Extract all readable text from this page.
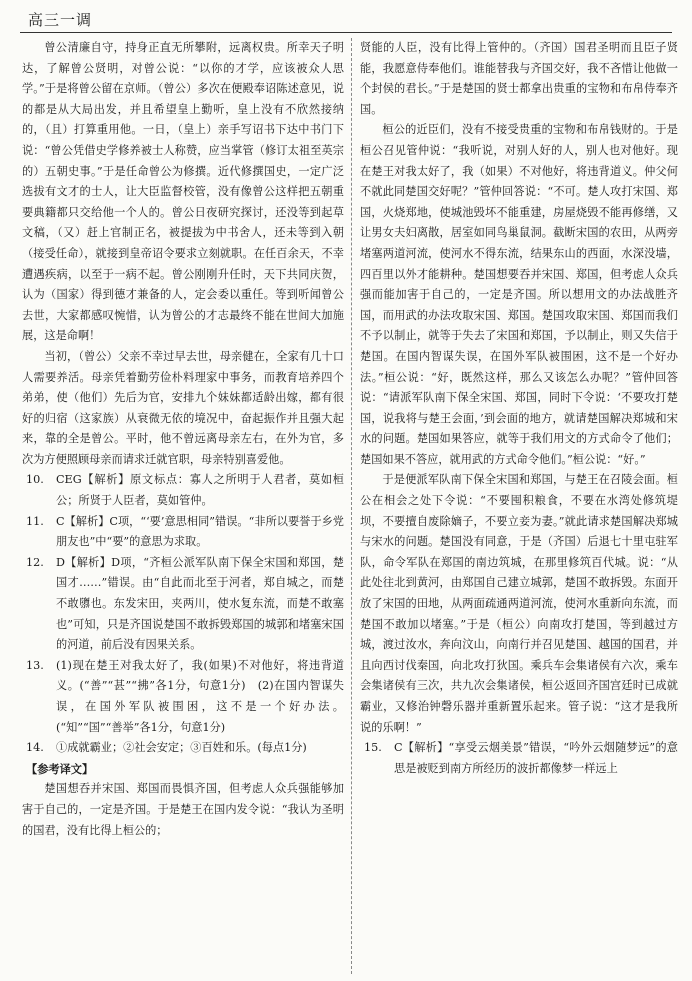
高三一调

曾公清廉自守，持身正直无所攀附，远离权贵。所幸天子明达，了解曾公贤明，对曾公说：“以你的才学，应该被众人思学。”于是将曾公留在京师。（曾公）多次在便殿奉诏陈述意见，说的都是从大局出发，并且希望皇上勤听，皇上没有不欣然接纳的，（且）打算重用他。一日，（皇上）亲手写诏书下达中书门下说：“曾公凭借史学修养被士人称赞，应当掌管（修订太祖至英宗的）五朝史事。”于是任命曾公为修撰。近代修撰国史，一定广泛选拔有文才的士人，让大臣监督校管，没有像曾公这样把五朝重要典籍都只交给他一个人的。曾公日夜研究探讨，还没等到起草文稿，（又）赶上官制正名，被提拔为中书舍人，还未等到入朝（接受任命），就接到皇帝诏令要求立刻就职。在任百余天，不幸遭遇疾病，以至于一病不起。曾公刚刚升任时，天下共同庆贺，认为（国家）得到德才兼备的人，定会委以重任。等到听闻曾公去世，大家都感叹惋惜，认为曾公的才志最终不能在世间大加施展，这是命啊！

当初，（曾公）父亲不幸过早去世，母亲健在，全家有几十口人需要养活。母亲凭着勤劳俭朴料理家中事务，而教育培养四个弟弟，使（他们）先后为官，安排九个妹妹都适龄出嫁，都有很好的归宿（这家族）从衰微无依的境况中，奋起振作并且强大起来，靠的全是曾公。平时，他不曾远离母亲左右，在外为官，多次为方便照顾母亲而请求迁就官职，母亲特别喜爱他。

10.	CEG【解析】原文标点：寡人之所明于人君者，莫如桓公；所贤于人臣者，莫如管仲。
11.	C【解析】C项，“‘要’意思相同”错误。“非所以要誉于乡党朋友也”中“要”的意思为求取。
12.	D【解析】D项，“齐桓公派军队南下保全宋国和郑国，楚国才……”错误。由“自此而北至于河者，郑自城之，而楚不敢隳也。东发宋田，夹两川，使水复东流，而楚不敢塞也”可知，只是齐国说楚国不敢拆毁郑国的城郭和堵塞宋国的河道，前后没有因果关系。
13.	(1)现在楚王对我太好了，我(如果)不对他好，将违背道义。(“善”“甚”“拂”各1分，句意1分)　(2)在国内智谋失误，在国外军队被围困，这不是一个好办法。(“知”“国”“善举”各1分，句意1分)
14.	①成就霸业；②社会安定；③百姓和乐。(每点1分)

【参考译文】

楚国想吞并宋国、郑国而畏惧齐国，但考虑人众兵强能够加害于自己的，一定是齐国。于是楚王在国内发令说：“我认为圣明的国君，没有比得上桓公的；

贤能的人臣，没有比得上管仲的。（齐国）国君圣明而且臣子贤能，我愿意侍奉他们。谁能替我与齐国交好，我不吝惜让他做一个封侯的君长。”于是楚国的贤士都拿出贵重的宝物和布帛侍奉齐国。

桓公的近臣们，没有不接受贵重的宝物和布帛钱财的。于是桓公召见管仲说：“我听说，对别人好的人，别人也对他好。现在楚王对我太好了，我（如果）不对他好，将违背道义。仲父何不就此同楚国交好呢？”管仲回答说：“不可。楚人攻打宋国、郑国，火烧郑地，使城池毁坏不能重建，房屋烧毁不能再修缮，又让男女夫妇离散，居室如同鸟巢鼠洞。截断宋国的农田，从两旁堵塞两道河流，使河水不得东流，结果东山的西面，水深没墙，四百里以外才能耕种。楚国想要吞并宋国、郑国，但考虑人众兵强而能加害于自己的，一定是齐国。所以想用文的办法战胜齐国，而用武的办法攻取宋国、郑国。楚国攻取宋国、郑国而我们不予以制止，就等于失去了宋国和郑国，予以制止，则又失信于楚国。在国内智谋失误，在国外军队被围困，这不是一个好办法。”桓公说：“好，既然这样，那么又该怎么办呢？”管仲回答说：“请派军队南下保全宋国、郑国，同时下令说：‘不要攻打楚国，说我将与楚王会面，’到会面的地方，就请楚国解决郑城和宋水的问题。楚国如果答应，就等于我们用文的方式命令了他们；楚国如果不答应，就用武的方式命令他们。”桓公说：“好。”

于是便派军队南下保全宋国和郑国，与楚王在召陵会面。桓公在相会之处下令说：“不要囤积粮食，不要在水湾处修筑堤坝，不要擅自废除嫡子，不要立妾为妻。”就此请求楚国解决郑城与宋水的问题。楚国没有同意，于是（齐国）后退七十里屯驻军队，命令军队在郑国的南边筑城，在那里修筑百代城。说：“从此处往北到黄河，由郑国自己建立城郭，楚国不敢拆毁。东面开放了宋国的田地，从两面疏通两道河流，使河水重新向东流，而楚国不敢加以堵塞。”于是（桓公）向南攻打楚国，等到越过方城，渡过汝水，奔向汶山，向南行并召见楚国、越国的国君，并且向西讨伐秦国，向北攻打狄国。乘兵车会集诸侯有六次，乘车会集诸侯有三次，共九次会集诸侯，桓公返回齐国宫廷时已成就霸业，又修治钟磬乐器并重新置乐起来。管子说：“这才是我所说的乐啊！”

15.	C【解析】“享受云烟美景”错误，“吟外云烟随梦远”的意思是被贬到南方所经历的波折都像梦一样远上
